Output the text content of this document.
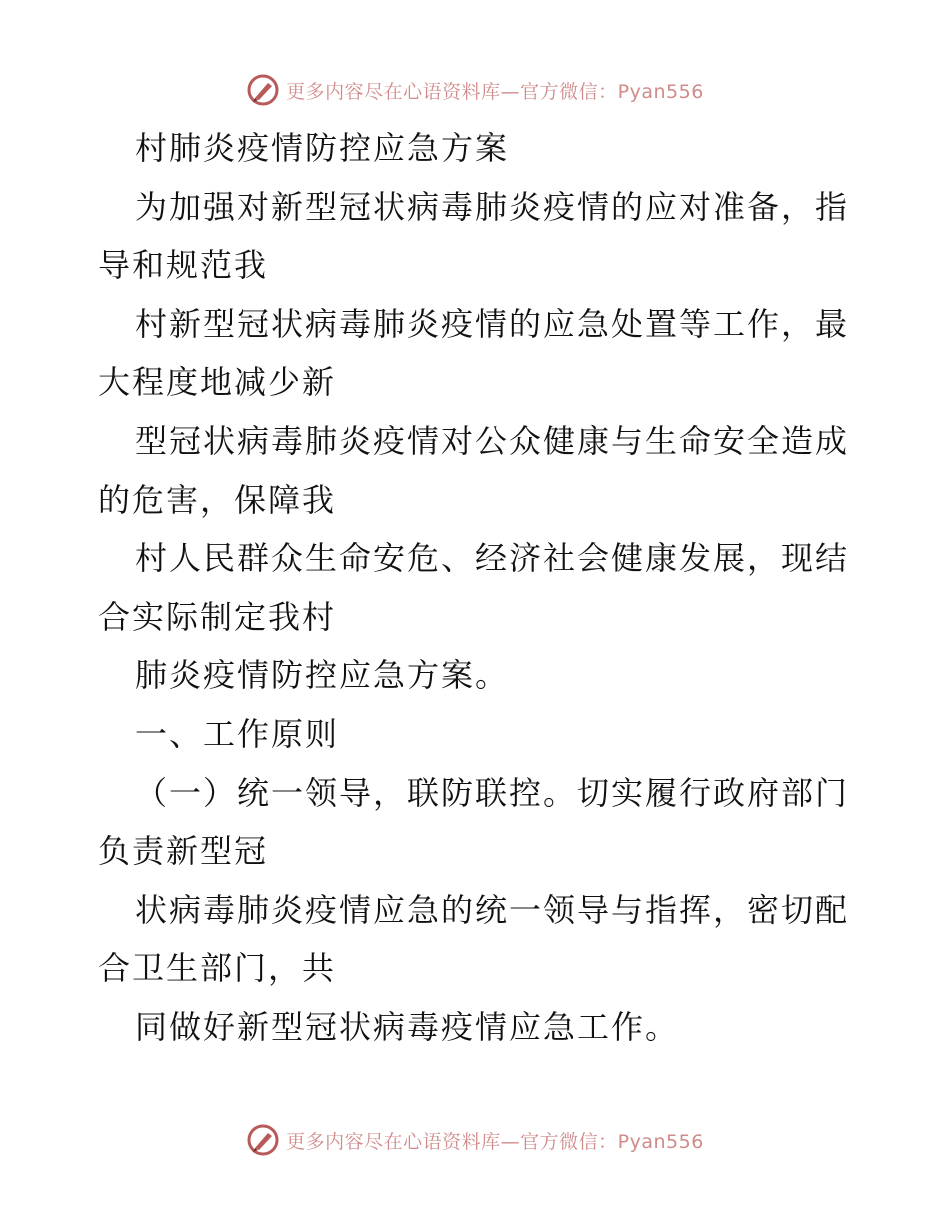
更多内容尽在心语资料库—官方微信：Pyan556
村肺炎疫情防控应急方案
为加强对新型冠状病毒肺炎疫情的应对准备，指
导和规范我
村新型冠状病毒肺炎疫情的应急处置等工作，最
大程度地减少新
型冠状病毒肺炎疫情对公众健康与生命安全造成
的危害，保障我
村人民群众生命安危、经济社会健康发展，现结
合实际制定我村
肺炎疫情防控应急方案。
一、工作原则
（一）统一领导，联防联控。切实履行政府部门
负责新型冠
状病毒肺炎疫情应急的统一领导与指挥，密切配
合卫生部门，共
同做好新型冠状病毒疫情应急工作。
更多内容尽在心语资料库—官方微信：Pyan556
